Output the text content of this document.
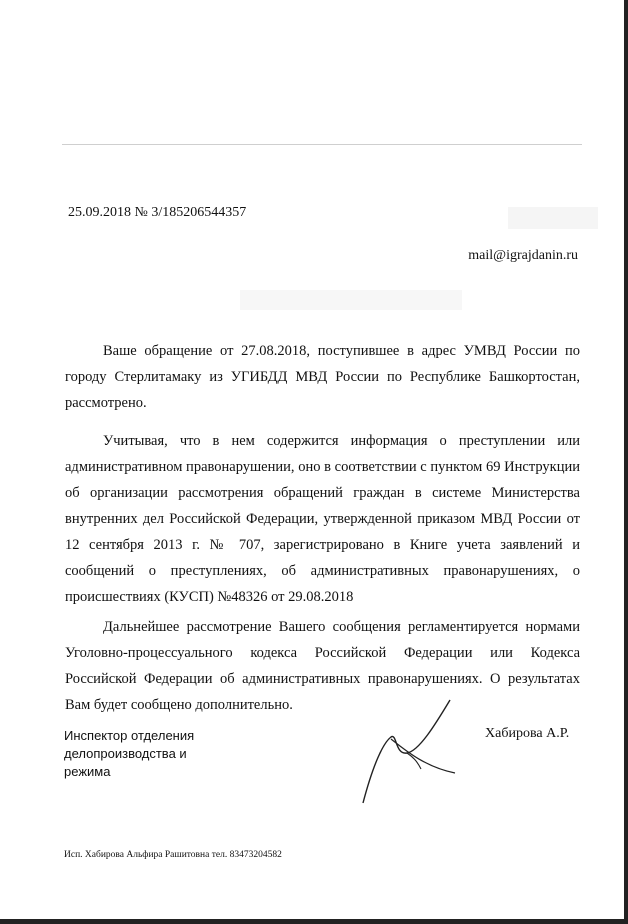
25.09.2018 № 3/185206544357
mail@igrajdanin.ru

Ваше обращение от 27.08.2018, поступившее в адрес УМВД России по городу Стерлитамаку из УГИБДД МВД России по Республике Башкортостан, рассмотрено.

Учитывая, что в нем содержится информация о преступлении или административном правонарушении, оно в соответствии с пунктом 69 Инструкции об организации рассмотрения обращений граждан в системе Министерства внутренних дел Российской Федерации, утвержденной приказом МВД России от 12 сентября 2013 г. № 707, зарегистрировано в Книге учета заявлений и сообщений о преступлениях, об административных правонарушениях, о происшествиях (КУСП) №48326 от 29.08.2018

Дальнейшее рассмотрение Вашего сообщения регламентируется нормами Уголовно-процессуального кодекса Российской Федерации или Кодекса Российской Федерации об административных правонарушениях. О результатах Вам будет сообщено дополнительно.

Инспектор отделения
делопроизводства и
режима
Хабирова А.Р.
Исп. Хабирова Альфира Рашитовна тел. 83473204582
